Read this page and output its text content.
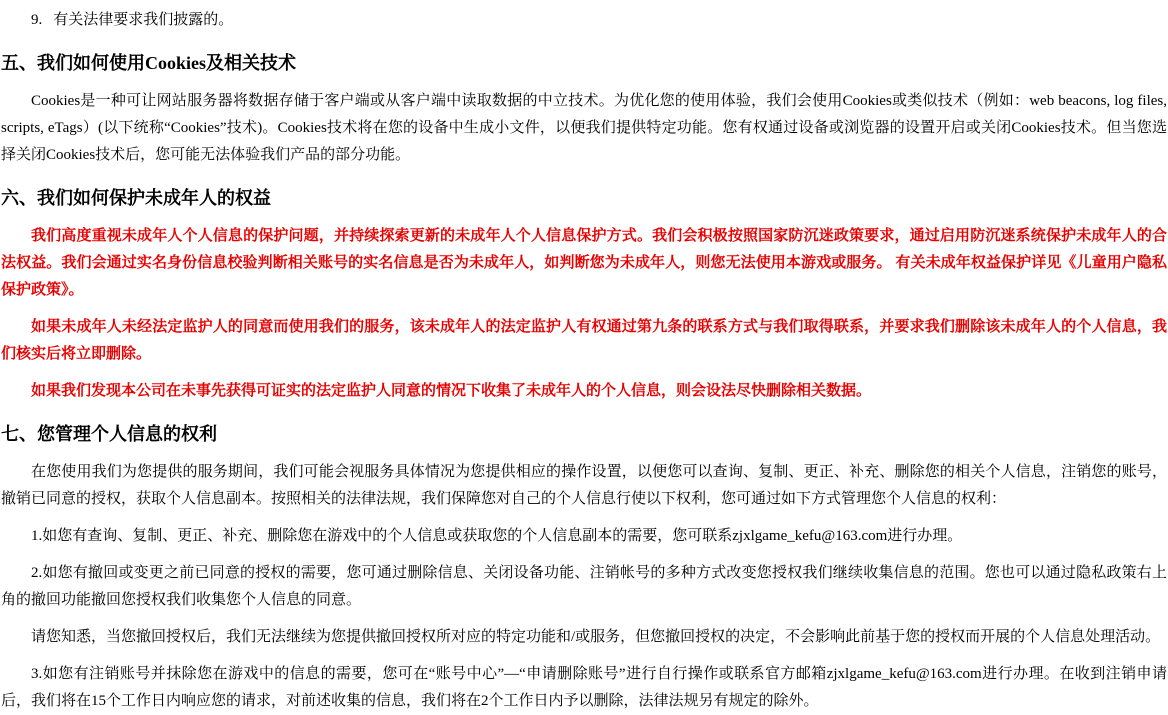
9. 有关法律要求我们披露的。
五、我们如何使用Cookies及相关技术
Cookies是一种可让网站服务器将数据存储于客户端或从客户端中读取数据的中立技术。为优化您的使用体验，我们会使用Cookies或类似技术（例如：web beacons, log files, scripts, eTags）(以下统称“Cookies”技术)。Cookies技术将在您的设备中生成小文件，以便我们提供特定功能。您有权通过设备或浏览器的设置开启或关闭Cookies技术。但当您选择关闭Cookies技术后，您可能无法体验我们产品的部分功能。
六、我们如何保护未成年人的权益
我们高度重视未成年人个人信息的保护问题，并持续探索更新的未成年人个人信息保护方式。我们会积极按照国家防沉迷政策要求，通过启用防沉迷系统保护未成年人的合法权益。我们会通过实名身份信息校验判断相关账号的实名信息是否为未成年人，如判断您为未成年人，则您无法使用本游戏或服务。 有关未成年权益保护详见《儿童用户隐私保护政策》。
如果未成年人未经法定监护人的同意而使用我们的服务，该未成年人的法定监护人有权通过第九条的联系方式与我们取得联系，并要求我们删除该未成年人的个人信息，我们核实后将立即删除。
如果我们发现本公司在未事先获得可证实的法定监护人同意的情况下收集了未成年人的个人信息，则会设法尽快删除相关数据。
七、您管理个人信息的权利
在您使用我们为您提供的服务期间，我们可能会视服务具体情况为您提供相应的操作设置，以便您可以查询、复制、更正、补充、删除您的相关个人信息，注销您的账号，撤销已同意的授权，获取个人信息副本。按照相关的法律法规，我们保障您对自己的个人信息行使以下权利，您可通过如下方式管理您个人信息的权利：
1.如您有查询、复制、更正、补充、删除您在游戏中的个人信息或获取您的个人信息副本的需要，您可联系zjxlgame_kefu@163.com进行办理。
2.如您有撤回或变更之前已同意的授权的需要，您可通过删除信息、关闭设备功能、注销帐号的多种方式改变您授权我们继续收集信息的范围。您也可以通过隐私政策右上角的撤回功能撤回您授权我们收集您个人信息的同意。
请您知悉，当您撤回授权后，我们无法继续为您提供撤回授权所对应的特定功能和/或服务，但您撤回授权的决定，不会影响此前基于您的授权而开展的个人信息处理活动。
3.如您有注销账号并抹除您在游戏中的信息的需要，您可在“账号中心”—“申请删除账号”进行自行操作或联系官方邮箱zjxlgame_kefu@163.com进行办理。在收到注销申请后，我们将在15个工作日内响应您的请求，对前述收集的信息，我们将在2个工作日内予以删除，法律法规另有规定的除外。
